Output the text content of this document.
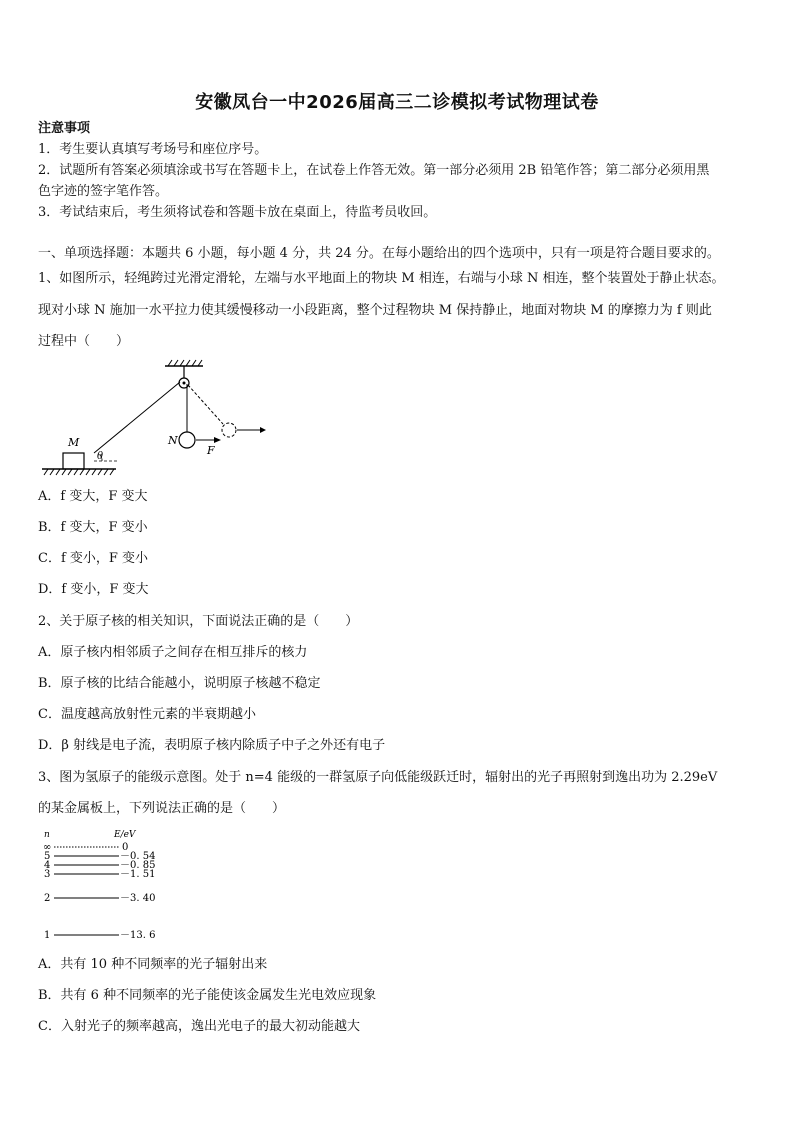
安徽凤台一中2026届高三二诊模拟考试物理试卷
注意事项
1．考生要认真填写考场号和座位序号。
2．试题所有答案必须填涂或书写在答题卡上，在试卷上作答无效。第一部分必须用 2B 铅笔作答；第二部分必须用黑
色字迹的签字笔作答。
3．考试结束后，考生须将试卷和答题卡放在桌面上，待监考员收回。
一、单项选择题：本题共 6 小题，每小题 4 分，共 24 分。在每小题给出的四个选项中，只有一项是符合题目要求的。
1、如图所示，轻绳跨过光滑定滑轮，左端与水平地面上的物块 M 相连，右端与小球 N 相连，整个装置处于静止状态。
现对小球 N 施加一水平拉力使其缓慢移动一小段距离，整个过程物块 M 保持静止，地面对物块 M 的摩擦力为 f 则此
过程中（　　）
N
F
M
θ
A．f 变大，F 变大
B．f 变大，F 变小
C．f 变小，F 变小
D．f 变小，F 变大
2、关于原子核的相关知识，下面说法正确的是（　　）
A．原子核内相邻质子之间存在相互排斥的核力
B．原子核的比结合能越小，说明原子核越不稳定
C．温度越高放射性元素的半衰期越小
D．β 射线是电子流，表明原子核内除质子中子之外还有电子
3、图为氢原子的能级示意图。处于 n=4 能级的一群氢原子向低能级跃迁时，辐射出的光子再照射到逸出功为 2.29eV
的某金属板上，下列说法正确的是（　　）
n	E/eV
∞	0
5	－0. 54
4	－0. 85
3	－1. 51
2	－3. 40
1	－13. 6
A．共有 10 种不同频率的光子辐射出来
B．共有 6 种不同频率的光子能使该金属发生光电效应现象
C．入射光子的频率越高，逸出光电子的最大初动能越大
